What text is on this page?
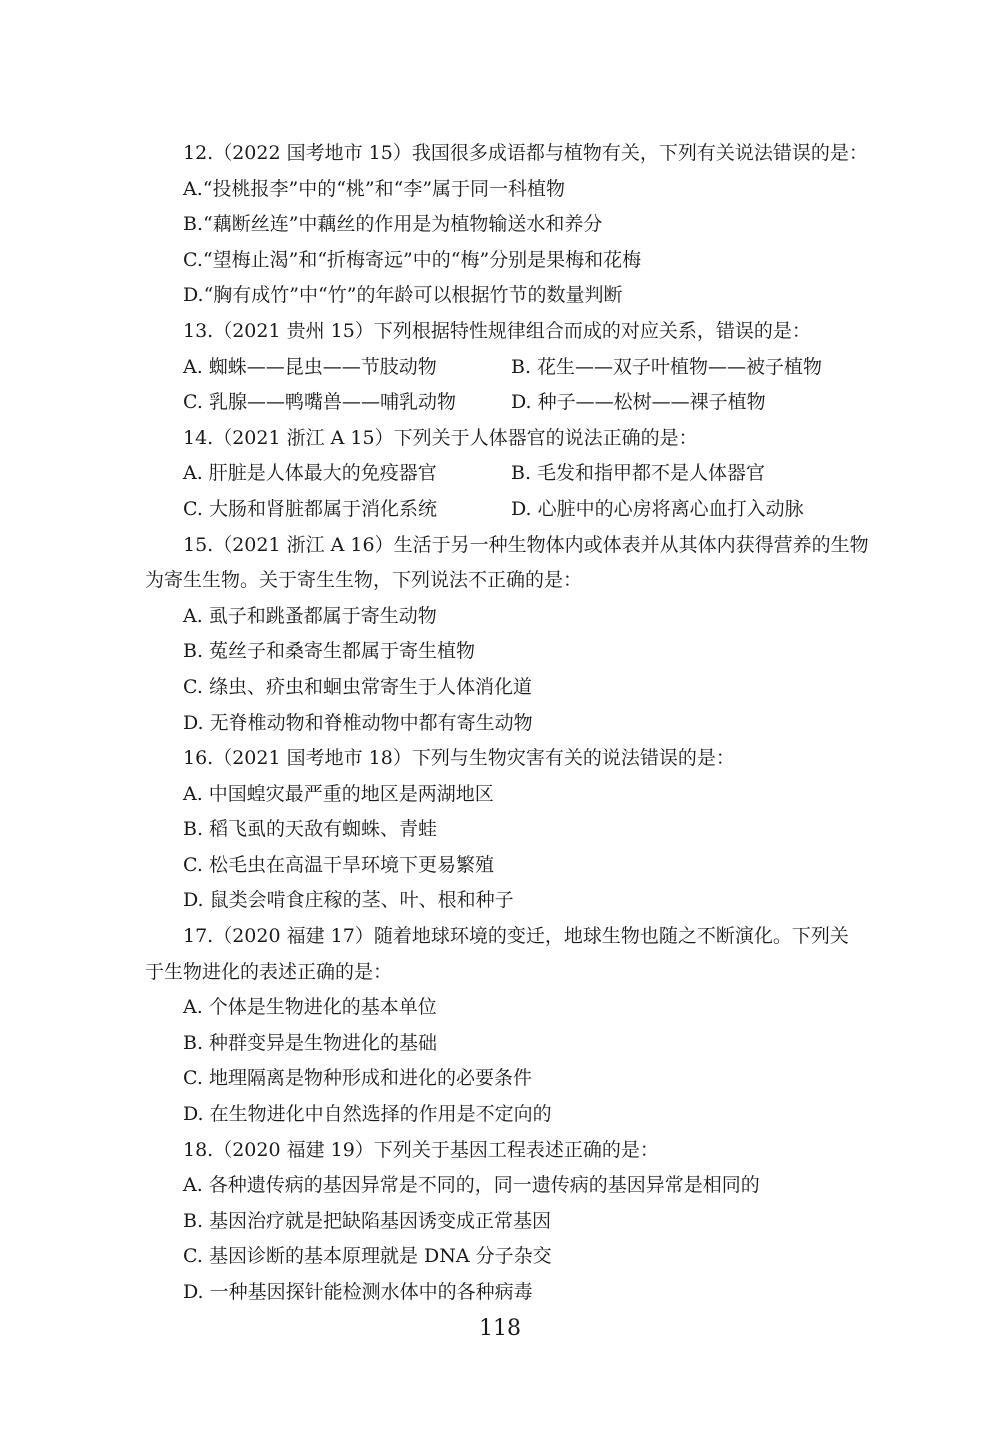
12.（2022 国考地市 15）我国很多成语都与植物有关，下列有关说法错误的是：
A.“投桃报李”中的“桃”和“李”属于同一科植物
B.“藕断丝连”中藕丝的作用是为植物输送水和养分
C.“望梅止渴”和“折梅寄远”中的“梅”分别是果梅和花梅
D.“胸有成竹”中“竹”的年龄可以根据竹节的数量判断
13.（2021 贵州 15）下列根据特性规律组合而成的对应关系，错误的是：
A. 蜘蛛——昆虫——节肢动物	B. 花生——双子叶植物——被子植物
C. 乳腺——鸭嘴兽——哺乳动物	D. 种子——松树——裸子植物
14.（2021 浙江 A 15）下列关于人体器官的说法正确的是：
A. 肝脏是人体最大的免疫器官	B. 毛发和指甲都不是人体器官
C. 大肠和肾脏都属于消化系统	D. 心脏中的心房将离心血打入动脉
15.（2021 浙江 A 16）生活于另一种生物体内或体表并从其体内获得营养的生物
为寄生生物。关于寄生生物，下列说法不正确的是：
A. 虱子和跳蚤都属于寄生动物
B. 菟丝子和桑寄生都属于寄生植物
C. 绦虫、疥虫和蛔虫常寄生于人体消化道
D. 无脊椎动物和脊椎动物中都有寄生动物
16.（2021 国考地市 18）下列与生物灾害有关的说法错误的是：
A. 中国蝗灾最严重的地区是两湖地区
B. 稻飞虱的天敌有蜘蛛、青蛙
C. 松毛虫在高温干旱环境下更易繁殖
D. 鼠类会啃食庄稼的茎、叶、根和种子
17.（2020 福建 17）随着地球环境的变迁，地球生物也随之不断演化。下列关
于生物进化的表述正确的是：
A. 个体是生物进化的基本单位
B. 种群变异是生物进化的基础
C. 地理隔离是物种形成和进化的必要条件
D. 在生物进化中自然选择的作用是不定向的
18.（2020 福建 19）下列关于基因工程表述正确的是：
A. 各种遗传病的基因异常是不同的，同一遗传病的基因异常是相同的
B. 基因治疗就是把缺陷基因诱变成正常基因
C. 基因诊断的基本原理就是 DNA 分子杂交
D. 一种基因探针能检测水体中的各种病毒
118
